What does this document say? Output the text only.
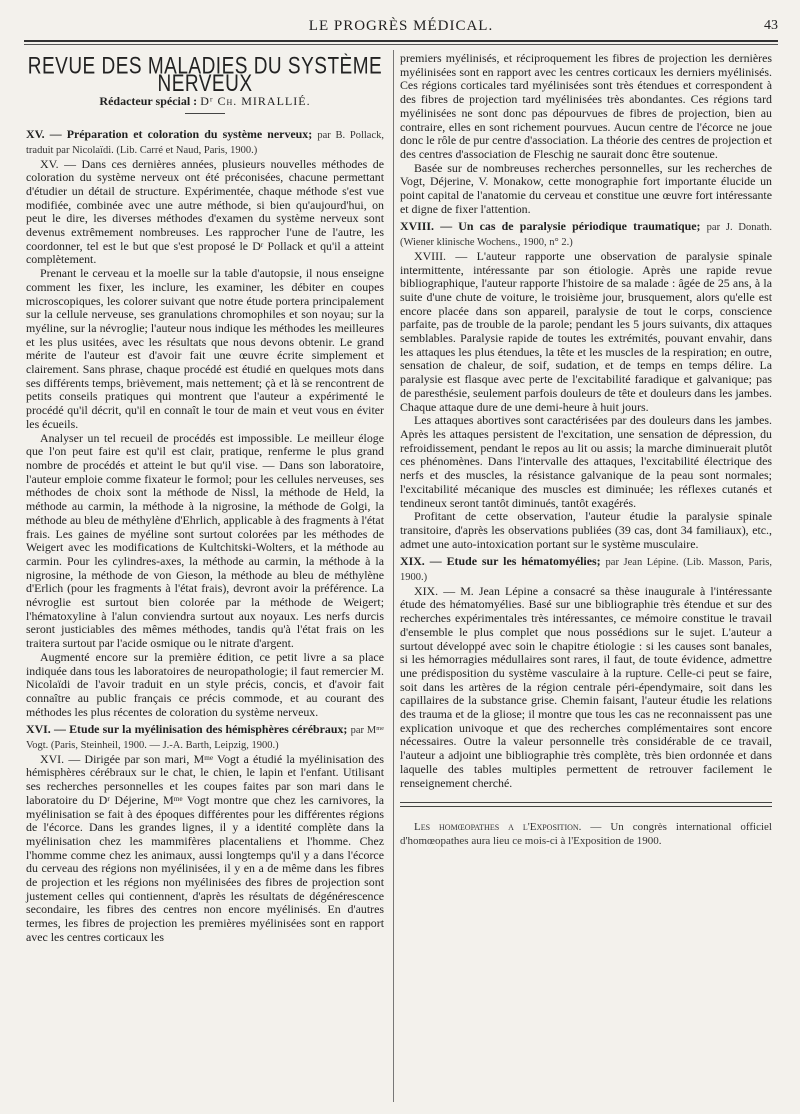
LE PROGRÈS MÉDICAL.	43
REVUE DES MALADIES DU SYSTÈME NERVEUX
Rédacteur spécial : Dʳ Ch. MIRALLIÉ.

XV. — Préparation et coloration du système nerveux; par B. Pollack, traduit par Nicolaïdi. (Lib. Carré et Naud, Paris, 1900.)

XV. — Dans ces dernières années, plusieurs nouvelles méthodes de coloration du système nerveux ont été préconisées, chacune permettant d'étudier un détail de structure. Expérimentée, chaque méthode s'est vue modifiée, combinée avec une autre méthode, si bien qu'aujourd'hui, on peut le dire, les diverses méthodes d'examen du système nerveux sont devenus extrêmement nombreuses. Les rapprocher l'une de l'autre, les coordonner, tel est le but que s'est proposé le Dʳ Pollack et qu'il a atteint complètement.

Prenant le cerveau et la moelle sur la table d'autopsie, il nous enseigne comment les fixer, les inclure, les examiner, les débiter en coupes microscopiques, les colorer suivant que notre étude portera principalement sur la cellule nerveuse, ses granulations chromophiles et son noyau; sur la myéline, sur la névroglie; l'auteur nous indique les méthodes les meilleures et les plus usitées, avec les résultats que nous devons obtenir. Le grand mérite de l'auteur est d'avoir fait une œuvre écrite simplement et clairement. Sans phrase, chaque procédé est étudié en quelques mots dans ses différents temps, brièvement, mais nettement; çà et là se rencontrent de petits conseils pratiques qui montrent que l'auteur a expérimenté le procédé qu'il décrit, qu'il en connaît le tour de main et veut vous en éviter les écueils.

Analyser un tel recueil de procédés est impossible. Le meilleur éloge que l'on peut faire est qu'il est clair, pratique, renferme le plus grand nombre de procédés et atteint le but qu'il vise. — Dans son laboratoire, l'auteur emploie comme fixateur le formol; pour les cellules nerveuses, ses méthodes de choix sont la méthode de Nissl, la méthode de Held, la méthode au carmin, la méthode à la nigrosine, la méthode de Golgi, la méthode au bleu de méthylène d'Ehrlich, applicable à des fragments à l'état frais. Les gaines de myéline sont surtout colorées par les méthodes de Weigert avec les modifications de Kultchitski-Wolters, et la méthode au carmin. Pour les cylindres-axes, la méthode au carmin, la méthode à la nigrosine, la méthode de von Gieson, la méthode au bleu de méthylène d'Erlich (pour les fragments à l'état frais), devront avoir la préférence. La névroglie est surtout bien colorée par la méthode de Weigert; l'hématoxyline à l'alun conviendra surtout aux noyaux. Les nerfs durcis seront justiciables des mêmes méthodes, tandis qu'à l'état frais on les traitera surtout par l'acide osmique ou le nitrate d'argent.

Augmenté encore sur la première édition, ce petit livre a sa place indiquée dans tous les laboratoires de neuropathologie; il faut remercier M. Nicolaïdi de l'avoir traduit en un style précis, concis, et d'avoir fait connaître au public français ce précis commode, et au courant des méthodes les plus récentes de coloration du système nerveux.

XVI. — Etude sur la myélinisation des hémisphères cérébraux; par Mᵐᵉ Vogt. (Paris, Steinheil, 1900. — J.-A. Barth, Leipzig, 1900.)

XVI. — Dirigée par son mari, Mᵐᵉ Vogt a étudié la myélinisation des hémisphères cérébraux sur le chat, le chien, le lapin et l'enfant. Utilisant ses recherches personnelles et les coupes faites par son mari dans le laboratoire du Dʳ Déjerine, Mᵐᵉ Vogt montre que chez les carnivores, la myélinisation se fait à des époques différentes pour les différentes régions de l'écorce. Dans les grandes lignes, il y a identité complète dans la myélinisation chez les mammifères placentaliens et l'homme. Chez l'homme comme chez les animaux, aussi longtemps qu'il y a dans l'écorce du cerveau des régions non myélinisées, il y en a de même dans les fibres de projection et les régions non myélinisées des fibres de projection sont justement celles qui contiennent, d'après les résultats de dégénérescence secondaire, les fibres des centres non encore myélinisés. En d'autres termes, les fibres de projection les premières myélinisées sont en rapport avec les centres corticaux les

premiers myélinisés, et réciproquement les fibres de projection les dernières myélinisées sont en rapport avec les centres corticaux les derniers myélinisés. Ces régions corticales tard myélinisées sont très étendues et correspondent à des fibres de projection tard myélinisées très abondantes. Ces régions tard myélinisées ne sont donc pas dépourvues de fibres de projection, bien au contraire, elles en sont richement pourvues. Aucun centre de l'écorce ne joue donc le rôle de pur centre d'association. La théorie des centres de projection et des centres d'association de Fleschig ne saurait donc être soutenue.

Basée sur de nombreuses recherches personnelles, sur les recherches de Vogt, Déjerine, V. Monakow, cette monographie fort importante élucide un point capital de l'anatomie du cerveau et constitue une œuvre fort intéressante et digne de fixer l'attention.

XVIII. — Un cas de paralysie périodique traumatique; par J. Donath. (Wiener klinische Wochens., 1900, n° 2.)

XVIII. — L'auteur rapporte une observation de paralysie spinale intermittente, intéressante par son étiologie. Après une rapide revue bibliographique, l'auteur rapporte l'histoire de sa malade : âgée de 25 ans, à la suite d'une chute de voiture, le troisième jour, brusquement, alors qu'elle est encore placée dans son appareil, paralysie de tout le corps, conscience parfaite, pas de trouble de la parole; pendant les 5 jours suivants, dix attaques semblables. Paralysie rapide de toutes les extrémités, pouvant envahir, dans les attaques les plus étendues, la tête et les muscles de la respiration; en outre, sensation de chaleur, de soif, sudation, et de temps en temps délire. La paralysie est flasque avec perte de l'excitabilité faradique et galvanique; pas de paresthésie, seulement parfois douleurs de tête et douleurs dans les jambes. Chaque attaque dure de une demi-heure à huit jours.

Les attaques abortives sont caractérisées par des douleurs dans les jambes. Après les attaques persistent de l'excitation, une sensation de dépression, du refroidissement, pendant le repos au lit ou assis; la marche diminuerait plutôt ces phénomènes. Dans l'intervalle des attaques, l'excitabilité électrique des nerfs et des muscles, la résistance galvanique de la peau sont normales; l'excitabilité mécanique des muscles est diminuée; les réflexes cutanés et tendineux seront tantôt diminués, tantôt exagérés.

Profitant de cette observation, l'auteur étudie la paralysie spinale transitoire, d'après les observations publiées (39 cas, dont 34 familiaux), etc., admet une auto-intoxication portant sur le système musculaire.

XIX. — Etude sur les hématomyélies; par Jean Lépine. (Lib. Masson, Paris, 1900.)

XIX. — M. Jean Lépine a consacré sa thèse inaugurale à l'intéressante étude des hématomyélies. Basé sur une bibliographie très étendue et sur des recherches expérimentales très intéressantes, ce mémoire constitue le travail d'ensemble le plus complet que nous possédions sur le sujet. L'auteur a surtout développé avec soin le chapitre étiologie : si les causes sont banales, si les hémorragies médullaires sont rares, il faut, de toute évidence, admettre une prédisposition du système vasculaire à la rupture. Celle-ci peut se faire, soit dans les artères de la région centrale péri-épendymaire, soit dans les capillaires de la substance grise. Chemin faisant, l'auteur étudie les relations des trauma et de la gliose; il montre que tous les cas ne reconnaissent pas une explication univoque et que des recherches complémentaires sont encore nécessaires. Outre la valeur personnelle très considérable de ce travail, l'auteur a adjoint une bibliographie très complète, très bien ordonnée et dans laquelle des tables multiples permettent de retrouver facilement le renseignement cherché.

Les homœopathes a l'Exposition. — Un congrès international officiel d'homœopathes aura lieu ce mois-ci à l'Exposition de 1900.
